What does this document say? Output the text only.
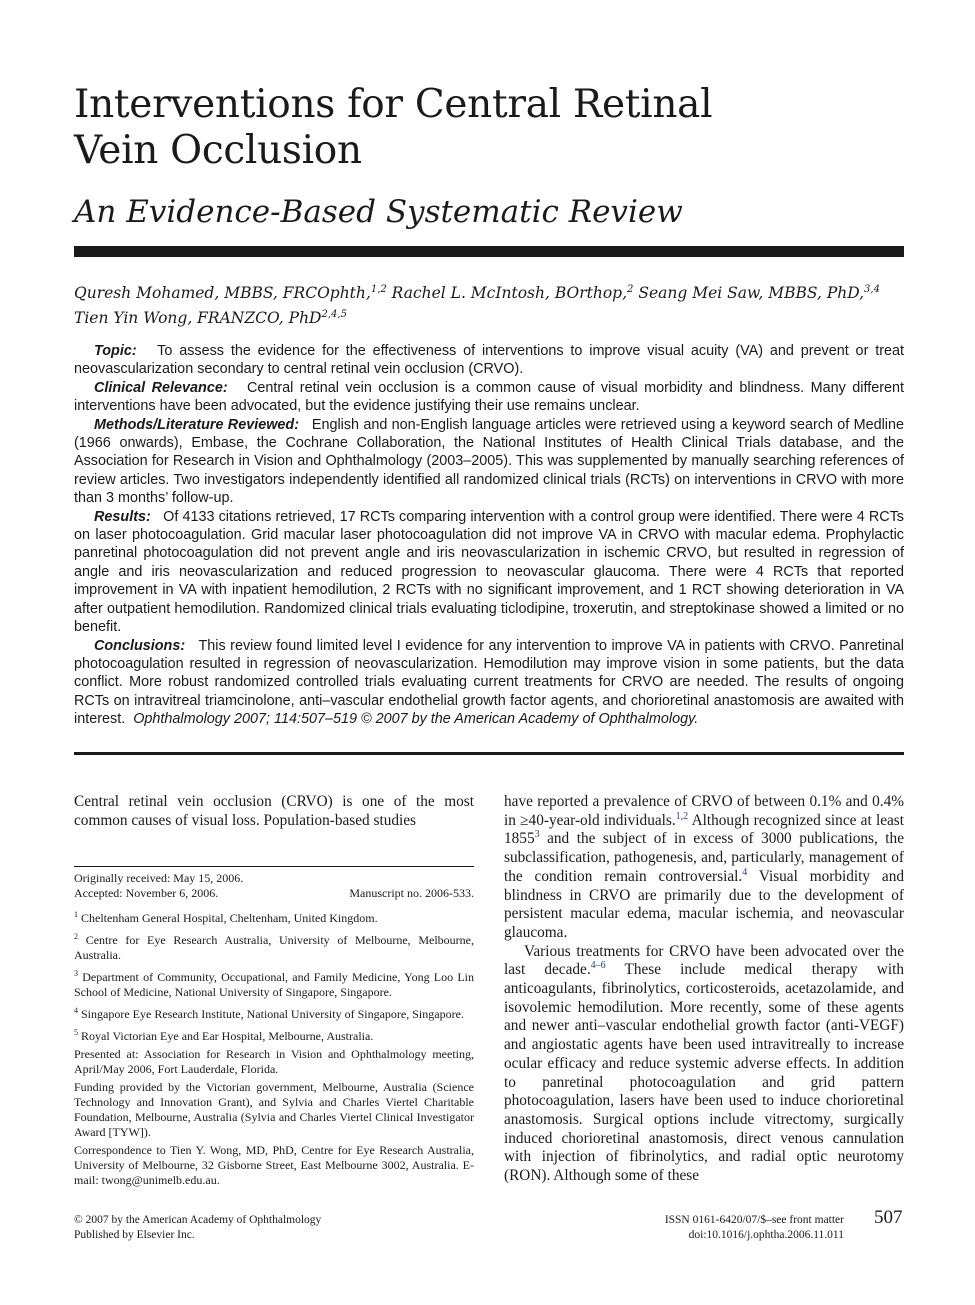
Interventions for Central Retinal Vein Occlusion
An Evidence-Based Systematic Review
Quresh Mohamed, MBBS, FRCOphth,$^{1,2}$ Rachel L. McIntosh, BOrthop,$^2$ Seang Mei Saw, MBBS, PhD,$^{3,4}$
Tien Yin Wong, FRANZCO, PhD$^{2,4,5}$

Topic: To assess the evidence for the effectiveness of interventions to improve visual acuity (VA) and prevent or treat neovascularization secondary to central retinal vein occlusion (CRVO).

Clinical Relevance: Central retinal vein occlusion is a common cause of visual morbidity and blindness. Many different interventions have been advocated, but the evidence justifying their use remains unclear.

Methods/Literature Reviewed: English and non-English language articles were retrieved using a keyword search of Medline (1966 onwards), Embase, the Cochrane Collaboration, the National Institutes of Health Clinical Trials database, and the Association for Research in Vision and Ophthalmology (2003–2005). This was supplemented by manually searching references of review articles. Two investigators independently identified all randomized clinical trials (RCTs) on interventions in CRVO with more than 3 months’ follow-up.

Results: Of 4133 citations retrieved, 17 RCTs comparing intervention with a control group were identified. There were 4 RCTs on laser photocoagulation. Grid macular laser photocoagulation did not improve VA in CRVO with macular edema. Prophylactic panretinal photocoagulation did not prevent angle and iris neovascularization in ischemic CRVO, but resulted in regression of angle and iris neovascularization and reduced progression to neovascular glaucoma. There were 4 RCTs that reported improvement in VA with inpatient hemodilution, 2 RCTs with no significant improvement, and 1 RCT showing deterioration in VA after outpatient hemodilution. Randomized clinical trials evaluating ticlodipine, troxerutin, and streptokinase showed a limited or no benefit.

Conclusions: This review found limited level I evidence for any intervention to improve VA in patients with CRVO. Panretinal photocoagulation resulted in regression of neovascularization. Hemodilution may improve vision in some patients, but the data conflict. More robust randomized controlled trials evaluating current treatments for CRVO are needed. The results of ongoing RCTs on intravitreal triamcinolone, anti–vascular endothelial growth factor agents, and chorioretinal anastomosis are awaited with interest. Ophthalmology 2007; 114:507–519 © 2007 by the American Academy of Ophthalmology.

Central retinal vein occlusion (CRVO) is one of the most common causes of visual loss. Population-based studies

Originally received: May 15, 2006.

Accepted: November 6, 2006.	Manuscript no. 2006-533.

$^1$ Cheltenham General Hospital, Cheltenham, United Kingdom.

$^2$ Centre for Eye Research Australia, University of Melbourne, Melbourne, Australia.

$^3$ Department of Community, Occupational, and Family Medicine, Yong Loo Lin School of Medicine, National University of Singapore, Singapore.

$^4$ Singapore Eye Research Institute, National University of Singapore, Singapore.

$^5$ Royal Victorian Eye and Ear Hospital, Melbourne, Australia.

Presented at: Association for Research in Vision and Ophthalmology meeting, April/May 2006, Fort Lauderdale, Florida.

Funding provided by the Victorian government, Melbourne, Australia (Science Technology and Innovation Grant), and Sylvia and Charles Viertel Charitable Foundation, Melbourne, Australia (Sylvia and Charles Viertel Clinical Investigator Award [TYW]).

Correspondence to Tien Y. Wong, MD, PhD, Centre for Eye Research Australia, University of Melbourne, 32 Gisborne Street, East Melbourne 3002, Australia. E-mail: twong@unimelb.edu.au.

have reported a prevalence of CRVO of between 0.1% and 0.4% in ≥40-year-old individuals.$^{1,2}$ Although recognized since at least 1855$^3$ and the subject of in excess of 3000 publications, the subclassification, pathogenesis, and, particularly, management of the condition remain controversial.$^4$ Visual morbidity and blindness in CRVO are primarily due to the development of persistent macular edema, macular ischemia, and neovascular glaucoma.

Various treatments for CRVO have been advocated over the last decade.$^{4-6}$ These include medical therapy with anticoagulants, fibrinolytics, corticosteroids, acetazolamide, and isovolemic hemodilution. More recently, some of these agents and newer anti–vascular endothelial growth factor (anti-VEGF) and angiostatic agents have been used intravitreally to increase ocular efficacy and reduce systemic adverse effects. In addition to panretinal photocoagulation and grid pattern photocoagulation, lasers have been used to induce chorioretinal anastomosis. Surgical options include vitrectomy, surgically induced chorioretinal anastomosis, direct venous cannulation with injection of fibrinolytics, and radial optic neurotomy (RON). Although some of these

© 2007 by the American Academy of Ophthalmology
Published by Elsevier Inc.
ISSN 0161-6420/07/$–see front matter
doi:10.1016/j.ophtha.2006.11.011
507
